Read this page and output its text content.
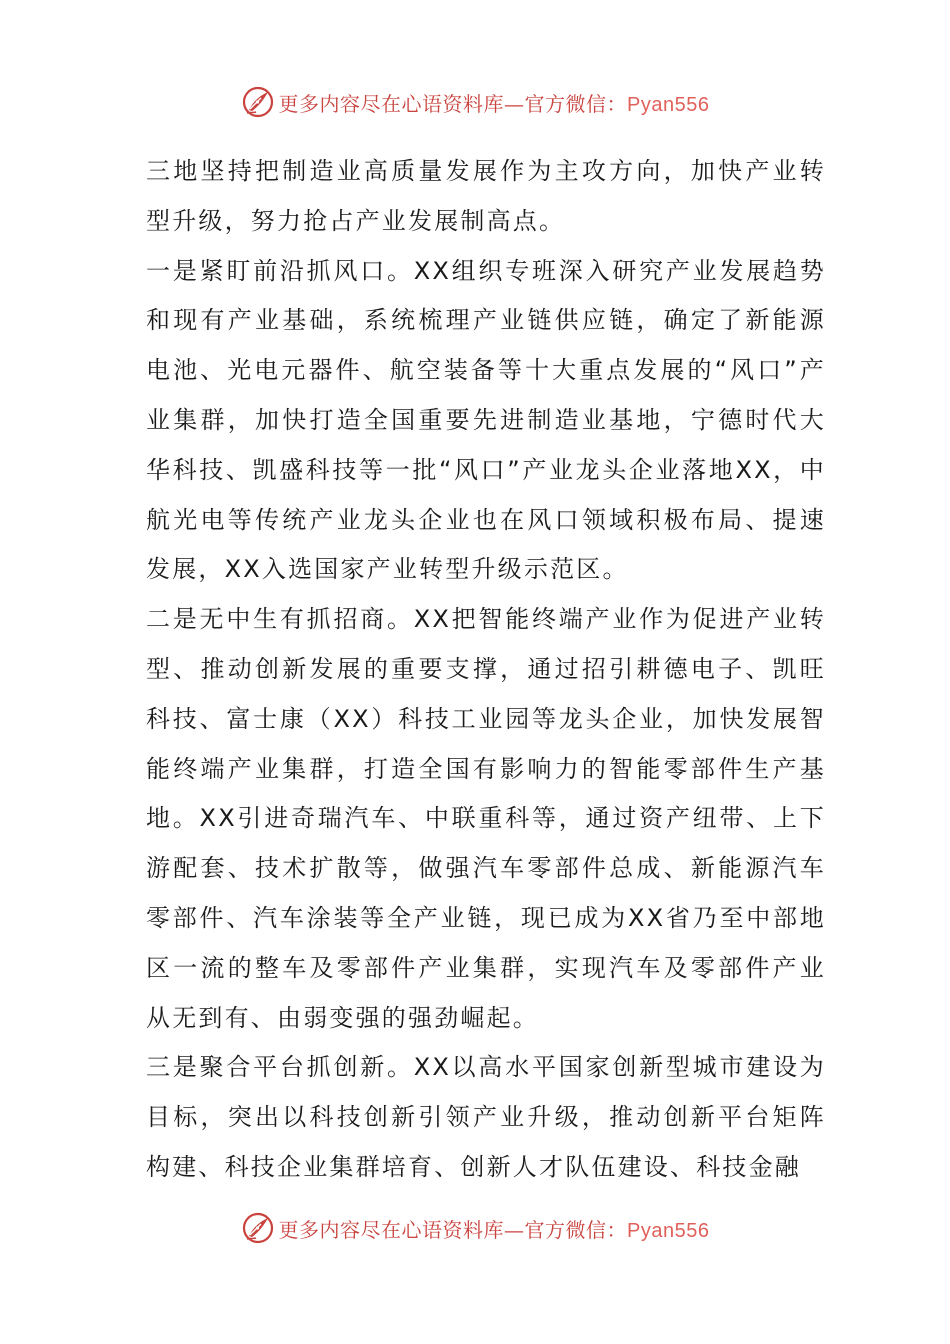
更多内容尽在心语资料库—官方微信：Pyan556

三地坚持把制造业高质量发展作为主攻方向，加快产业转型升级，努力抢占产业发展制高点。

一是紧盯前沿抓风口。XX组织专班深入研究产业发展趋势和现有产业基础，系统梳理产业链供应链，确定了新能源电池、光电元器件、航空装备等十大重点发展的“风口”产业集群，加快打造全国重要先进制造业基地，宁德时代大华科技、凯盛科技等一批“风口”产业龙头企业落地XX，中航光电等传统产业龙头企业也在风口领域积极布局、提速发展，XX入选国家产业转型升级示范区。

二是无中生有抓招商。XX把智能终端产业作为促进产业转型、推动创新发展的重要支撑，通过招引耕德电子、凯旺科技、富士康（XX）科技工业园等龙头企业，加快发展智能终端产业集群，打造全国有影响力的智能零部件生产基地。XX引进奇瑞汽车、中联重科等，通过资产纽带、上下游配套、技术扩散等，做强汽车零部件总成、新能源汽车零部件、汽车涂装等全产业链，现已成为XX省乃至中部地区一流的整车及零部件产业集群，实现汽车及零部件产业从无到有、由弱变强的强劲崛起。

三是聚合平台抓创新。XX以高水平国家创新型城市建设为目标，突出以科技创新引领产业升级，推动创新平台矩阵构建、科技企业集群培育、创新人才队伍建设、科技金融

更多内容尽在心语资料库—官方微信：Pyan556
